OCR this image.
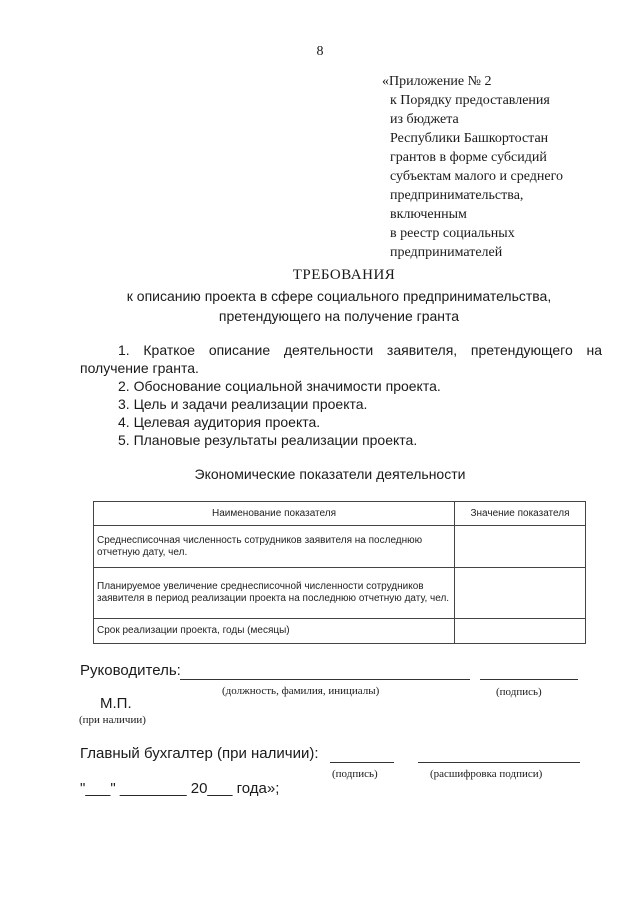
8
«Приложение № 2
к Порядку предоставления
из бюджета
Республики Башкортостан
грантов в форме субсидий
субъектам малого и среднего
предпринимательства,
включенным
в реестр социальных
предпринимателей
ТРЕБОВАНИЯ
к описанию проекта в сфере социального предпринимательства,
претендующего на получение гранта
1. Краткое описание деятельности заявителя, претендующего на
получение гранта.
2. Обоснование социальной значимости проекта.
3. Цель и задачи реализации проекта.
4. Целевая аудитория проекта.
5. Плановые результаты реализации проекта.
Экономические показатели деятельности
Наименование показателя	Значение показателя
Среднесписочная численность сотрудников заявителя на последнюю отчетную дату, чел.	
Планируемое увеличение среднесписочной численности сотрудников заявителя в период реализации проекта на последнюю отчетную дату, чел.	
Срок реализации проекта, годы (месяцы)	
Руководитель:
(должность, фамилия, инициалы)	(подпись)
М.П.
(при наличии)
Главный бухгалтер (при наличии):
(подпись)	(расшифровка подписи)
"___" ________ 20___ года»;
